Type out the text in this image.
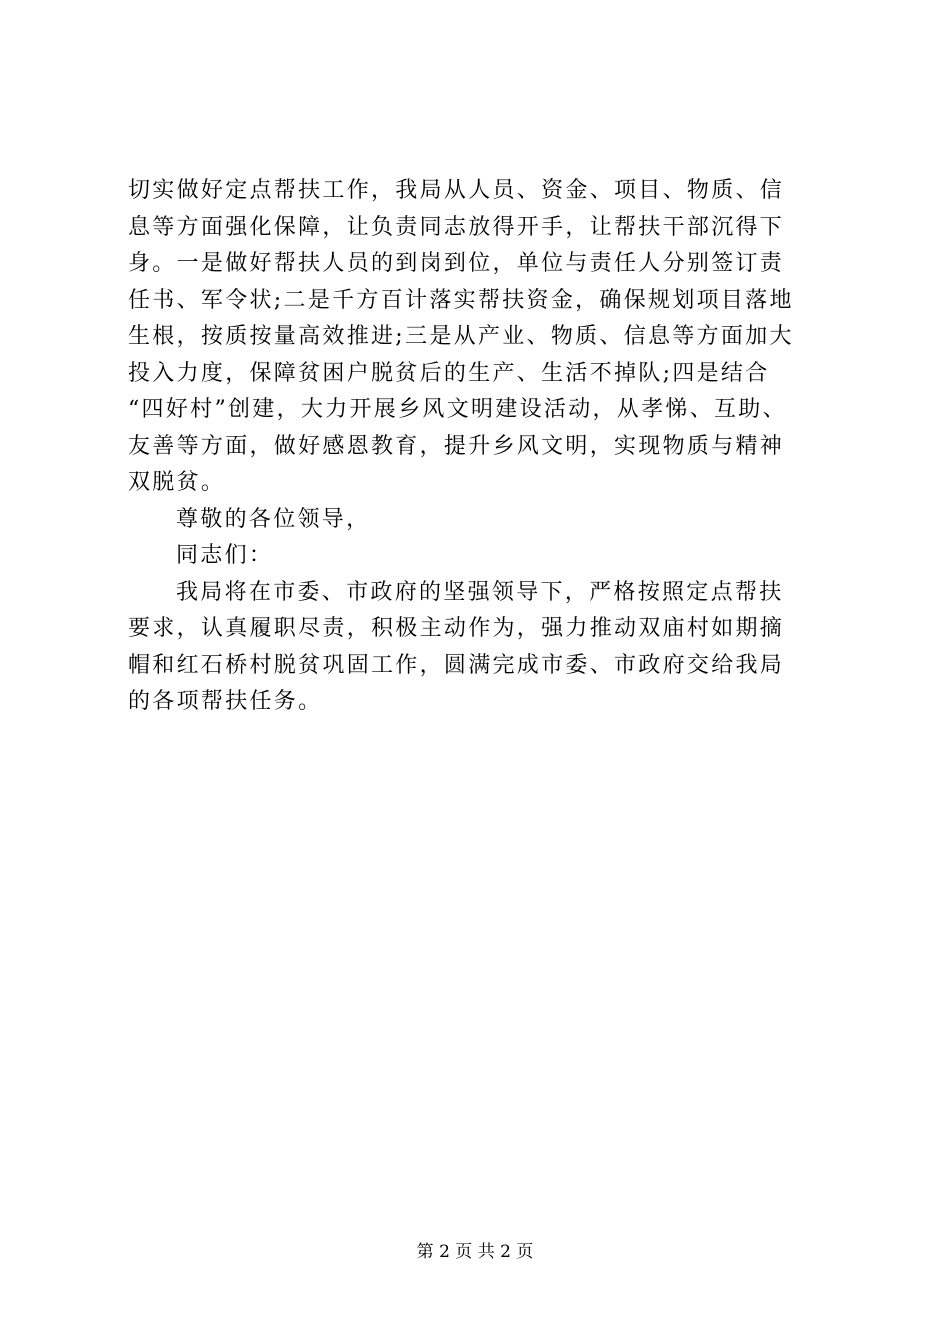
切实做好定点帮扶工作，我局从人员、资金、项目、物质、信
息等方面强化保障，让负责同志放得开手，让帮扶干部沉得下
身。一是做好帮扶人员的到岗到位，单位与责任人分别签订责
任书、军令状;二是千方百计落实帮扶资金，确保规划项目落地
生根，按质按量高效推进;三是从产业、物质、信息等方面加大
投入力度，保障贫困户脱贫后的生产、生活不掉队;四是结合
“四好村”创建，大力开展乡风文明建设活动，从孝悌、互助、
友善等方面，做好感恩教育，提升乡风文明，实现物质与精神
双脱贫。
尊敬的各位领导，
同志们：
我局将在市委、市政府的坚强领导下，严格按照定点帮扶
要求，认真履职尽责，积极主动作为，强力推动双庙村如期摘
帽和红石桥村脱贫巩固工作，圆满完成市委、市政府交给我局
的各项帮扶任务。
第 2 页 共 2 页
